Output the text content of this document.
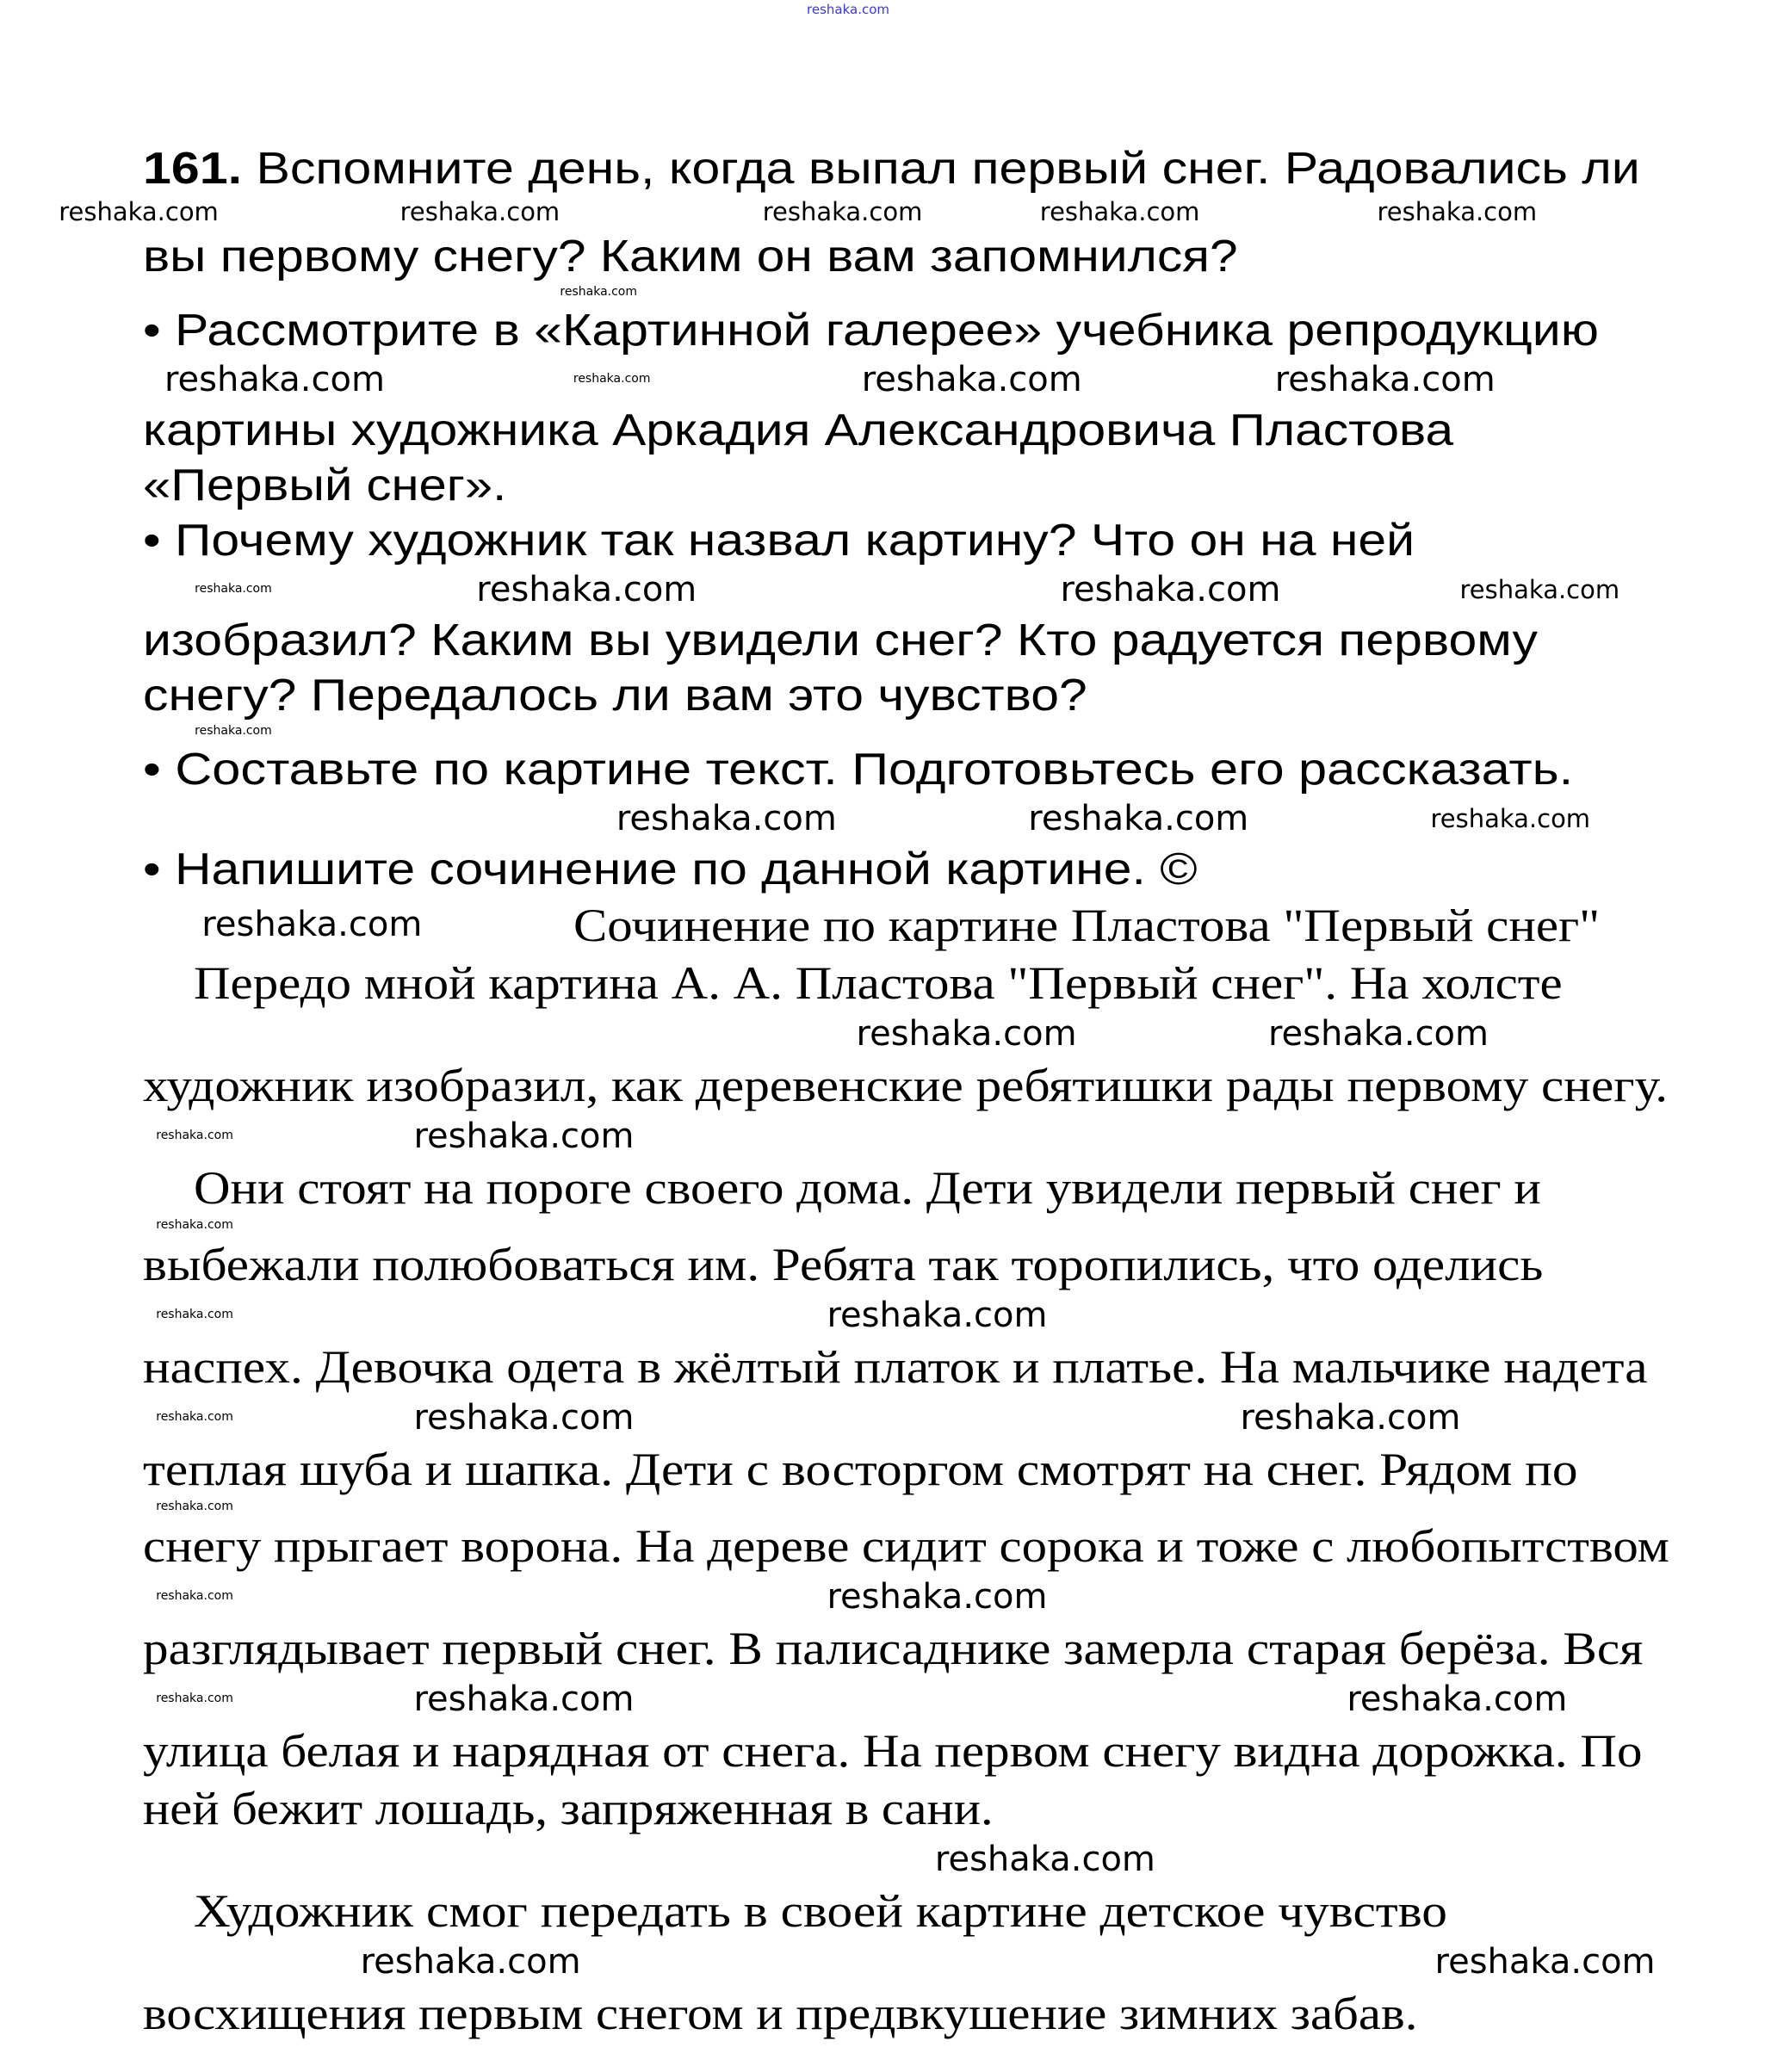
reshaka.com
161. Вспомните день, когда выпал первый снег. Радовались ли
reshaka.com	reshaka.com	reshaka.com	reshaka.com	reshaka.com
вы первому снегу? Каким он вам запомнился?
reshaka.com
• Рассмотрите в «Картинной галерее» учебника репродукцию
reshaka.com	reshaka.com	reshaka.com	reshaka.com
картины художника Аркадия Александровича Пластова
«Первый снег».
• Почему художник так назвал картину? Что он на ней
reshaka.com	reshaka.com	reshaka.com	reshaka.com
изобразил? Каким вы увидели снег? Кто радуется первому
снегу? Передалось ли вам это чувство?
reshaka.com
• Составьте по картине текст. Подготовьтесь его рассказать.
reshaka.com	reshaka.com	reshaka.com
• Напишите сочинение по данной картине. ©
Сочинение по картине Пластова "Первый снег"
reshaka.com
Передо мной картина А. А. Пластова "Первый снег". На холсте
reshaka.com	reshaka.com
художник изобразил, как деревенские ребятишки рады первому снегу.
reshaka.com	reshaka.com
Они стоят на пороге своего дома. Дети увидели первый снег и
reshaka.com
выбежали полюбоваться им. Ребята так торопились, что оделись
reshaka.com	reshaka.com
наспех. Девочка одета в жёлтый платок и платье. На мальчике надета
reshaka.com	reshaka.com	reshaka.com
теплая шуба и шапка. Дети с восторгом смотрят на снег. Рядом по
reshaka.com
снегу прыгает ворона. На дереве сидит сорока и тоже с любопытством
reshaka.com	reshaka.com
разглядывает первый снег. В палисаднике замерла старая берёза. Вся
reshaka.com	reshaka.com	reshaka.com
улица белая и нарядная от снега. На первом снегу видна дорожка. По
ней бежит лошадь, запряженная в сани.
reshaka.com
Художник смог передать в своей картине детское чувство
reshaka.com	reshaka.com
восхищения первым снегом и предвкушение зимних забав.
